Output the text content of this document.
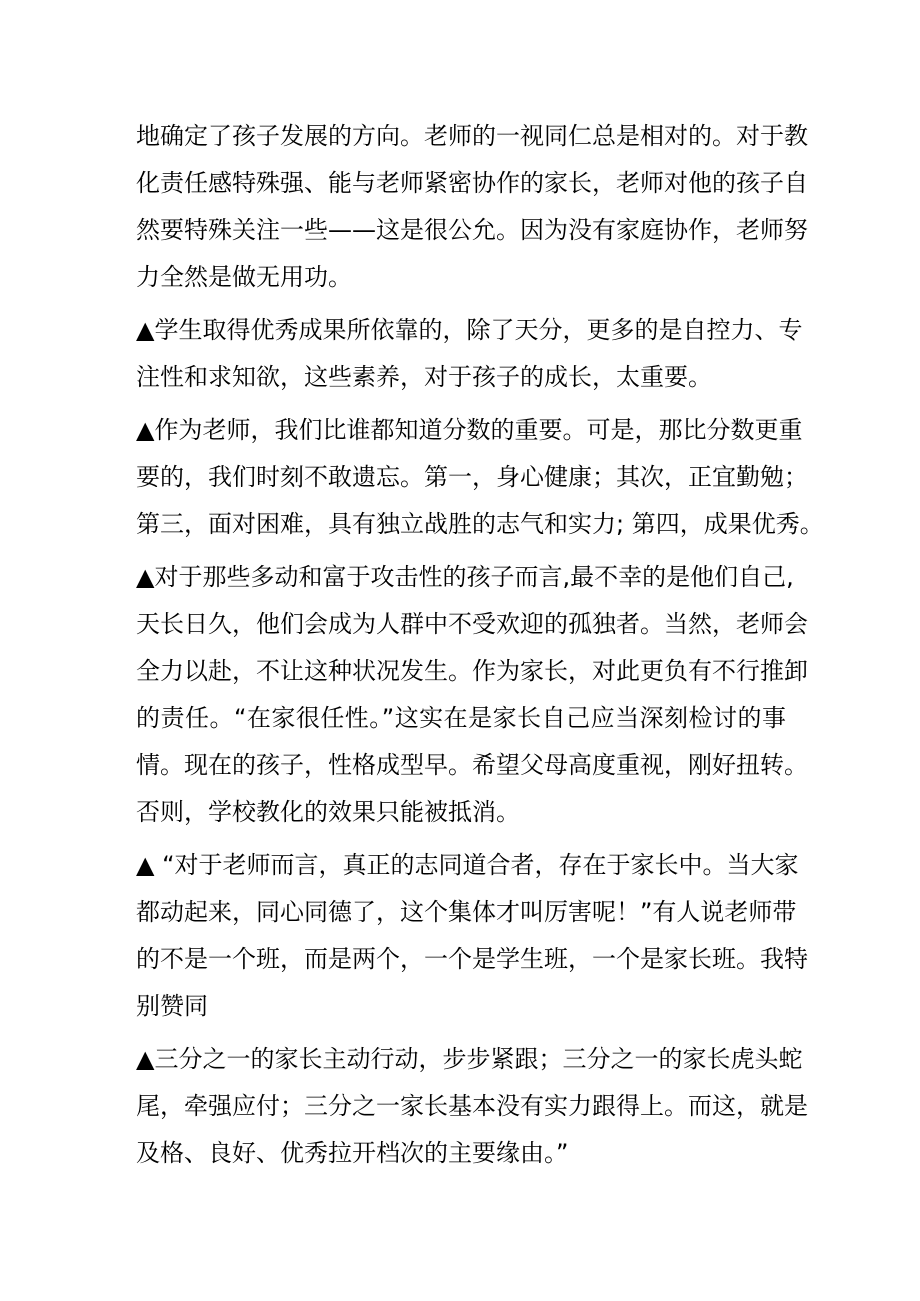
地确定了孩子发展的方向。老师的一视同仁总是相对的。对于教
化责任感特殊强、能与老师紧密协作的家长，老师对他的孩子自
然要特殊关注一些——这是很公允。因为没有家庭协作，老师努
力全然是做无用功。
▲学生取得优秀成果所依靠的，除了天分，更多的是自控力、专
注性和求知欲，这些素养，对于孩子的成长，太重要。
▲作为老师，我们比谁都知道分数的重要。可是，那比分数更重
要的，我们时刻不敢遗忘。第一，身心健康；其次，正宜勤勉；
第三，面对困难，具有独立战胜的志气和实力; 第四，成果优秀。
▲对于那些多动和富于攻击性的孩子而言,最不幸的是他们自己,
天长日久，他们会成为人群中不受欢迎的孤独者。当然，老师会
全力以赴，不让这种状况发生。作为家长，对此更负有不行推卸
的责任。“在家很任性。”这实在是家长自己应当深刻检讨的事
情。现在的孩子，性格成型早。希望父母高度重视，刚好扭转。
否则，学校教化的效果只能被抵消。
▲ “对于老师而言，真正的志同道合者，存在于家长中。当大家
都动起来，同心同德了，这个集体才叫厉害呢！”有人说老师带
的不是一个班，而是两个，一个是学生班，一个是家长班。我特
别赞同
▲三分之一的家长主动行动，步步紧跟；三分之一的家长虎头蛇
尾，牵强应付；三分之一家长基本没有实力跟得上。而这，就是
及格、良好、优秀拉开档次的主要缘由。”
